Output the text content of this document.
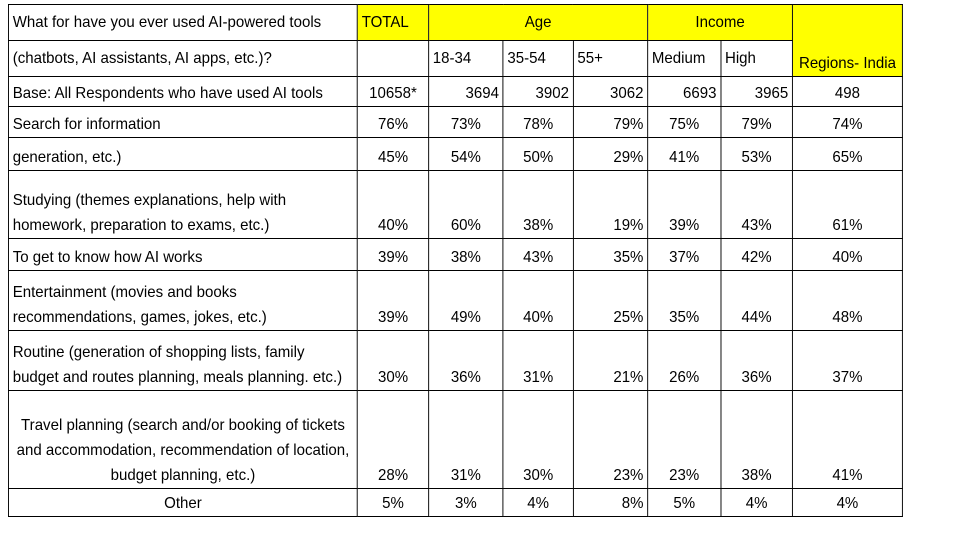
What for have you ever used AI-powered tools	TOTAL	Age			Income		Regions- India
(chatbots, AI assistants, AI apps, etc.)?		18-34	35-54	55+	Medium	High	
Base: All Respondents who have used AI tools	10658*	3694	3902	3062	6693	3965	498
Search for information	76%	73%	78%	79%	75%	79%	74%
generation, etc.)	45%	54%	50%	29%	41%	53%	65%
Studying (themes explanations, help with homework, preparation to exams, etc.)	40%	60%	38%	19%	39%	43%	61%
To get to know how AI works	39%	38%	43%	35%	37%	42%	40%
Entertainment (movies and books recommendations, games, jokes, etc.)	39%	49%	40%	25%	35%	44%	48%
Routine (generation of shopping lists, family budget and routes planning, meals planning. etc.)	30%	36%	31%	21%	26%	36%	37%
Travel planning (search and/or booking of tickets and accommodation, recommendation of location, budget planning, etc.)	28%	31%	30%	23%	23%	38%	41%
Other	5%	3%	4%	8%	5%	4%	4%
